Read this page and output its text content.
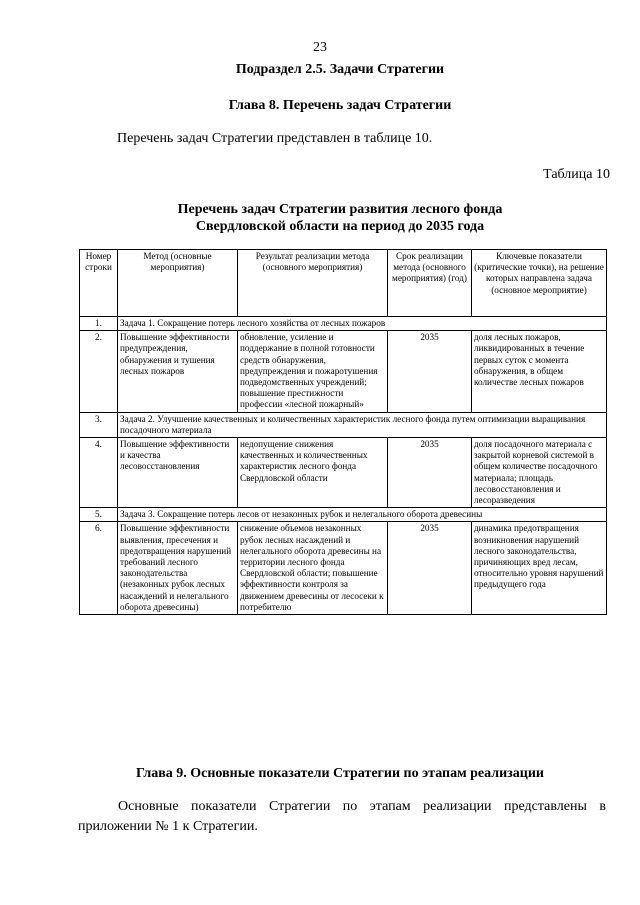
23
Подраздел 2.5. Задачи Стратегии
Глава 8. Перечень задач Стратегии
Перечень задач Стратегии представлен в таблице 10.
Таблица 10
Перечень задач Стратегии развития лесного фонда
Свердловской области на период до 2035 года
Номер строки	Метод (основные мероприятия)	Результат реализации метода (основного мероприятия)	Срок реализации метода (основного мероприятия) (год)	Ключевые показатели (критические точки), на решение которых направлена задача (основное мероприятие)
1.	Задача 1. Сокращение потерь лесного хозяйства от лесных пожаров			
2.	Повышение эффективности предупреждения, обнаружения и тушения лесных пожаров	обновление, усиление и поддержание в полной готовности средств обнаружения, предупреждения и пожаротушения подведомственных учреждений; повышение престижности профессии «лесной пожарный»	2035	доля лесных пожаров, ликвидированных в течение первых суток с момента обнаружения, в общем количестве лесных пожаров
3.	Задача 2. Улучшение качественных и количественных характеристик лесного фонда путем оптимизации выращивания посадочного материала			
4.	Повышение эффективности и качества лесовосстановления	недопущение снижения качественных и количественных характеристик лесного фонда Свердловской области	2035	доля посадочного материала с закрытой корневой системой в общем количестве посадочного материала; площадь лесовосстановления и лесоразведения
5.	Задача 3. Сокращение потерь лесов от незаконных рубок и нелегального оборота древесины			
6.	Повышение эффективности выявления, пресечения и предотвращения нарушений требований лесного законодательства (незаконных рубок лесных насаждений и нелегального оборота древесины)	снижение объемов незаконных рубок лесных насаждений и нелегального оборота древесины на территории лесного фонда Свердловской области; повышение эффективности контроля за движением древесины от лесосеки к потребителю	2035	динамика предотвращения возникновения нарушений лесного законодательства, причиняющих вред лесам, относительно уровня нарушений предыдущего года
Глава 9. Основные показатели Стратегии по этапам реализации
Основные показатели Стратегии по этапам реализации представлены в приложении № 1 к Стратегии.
